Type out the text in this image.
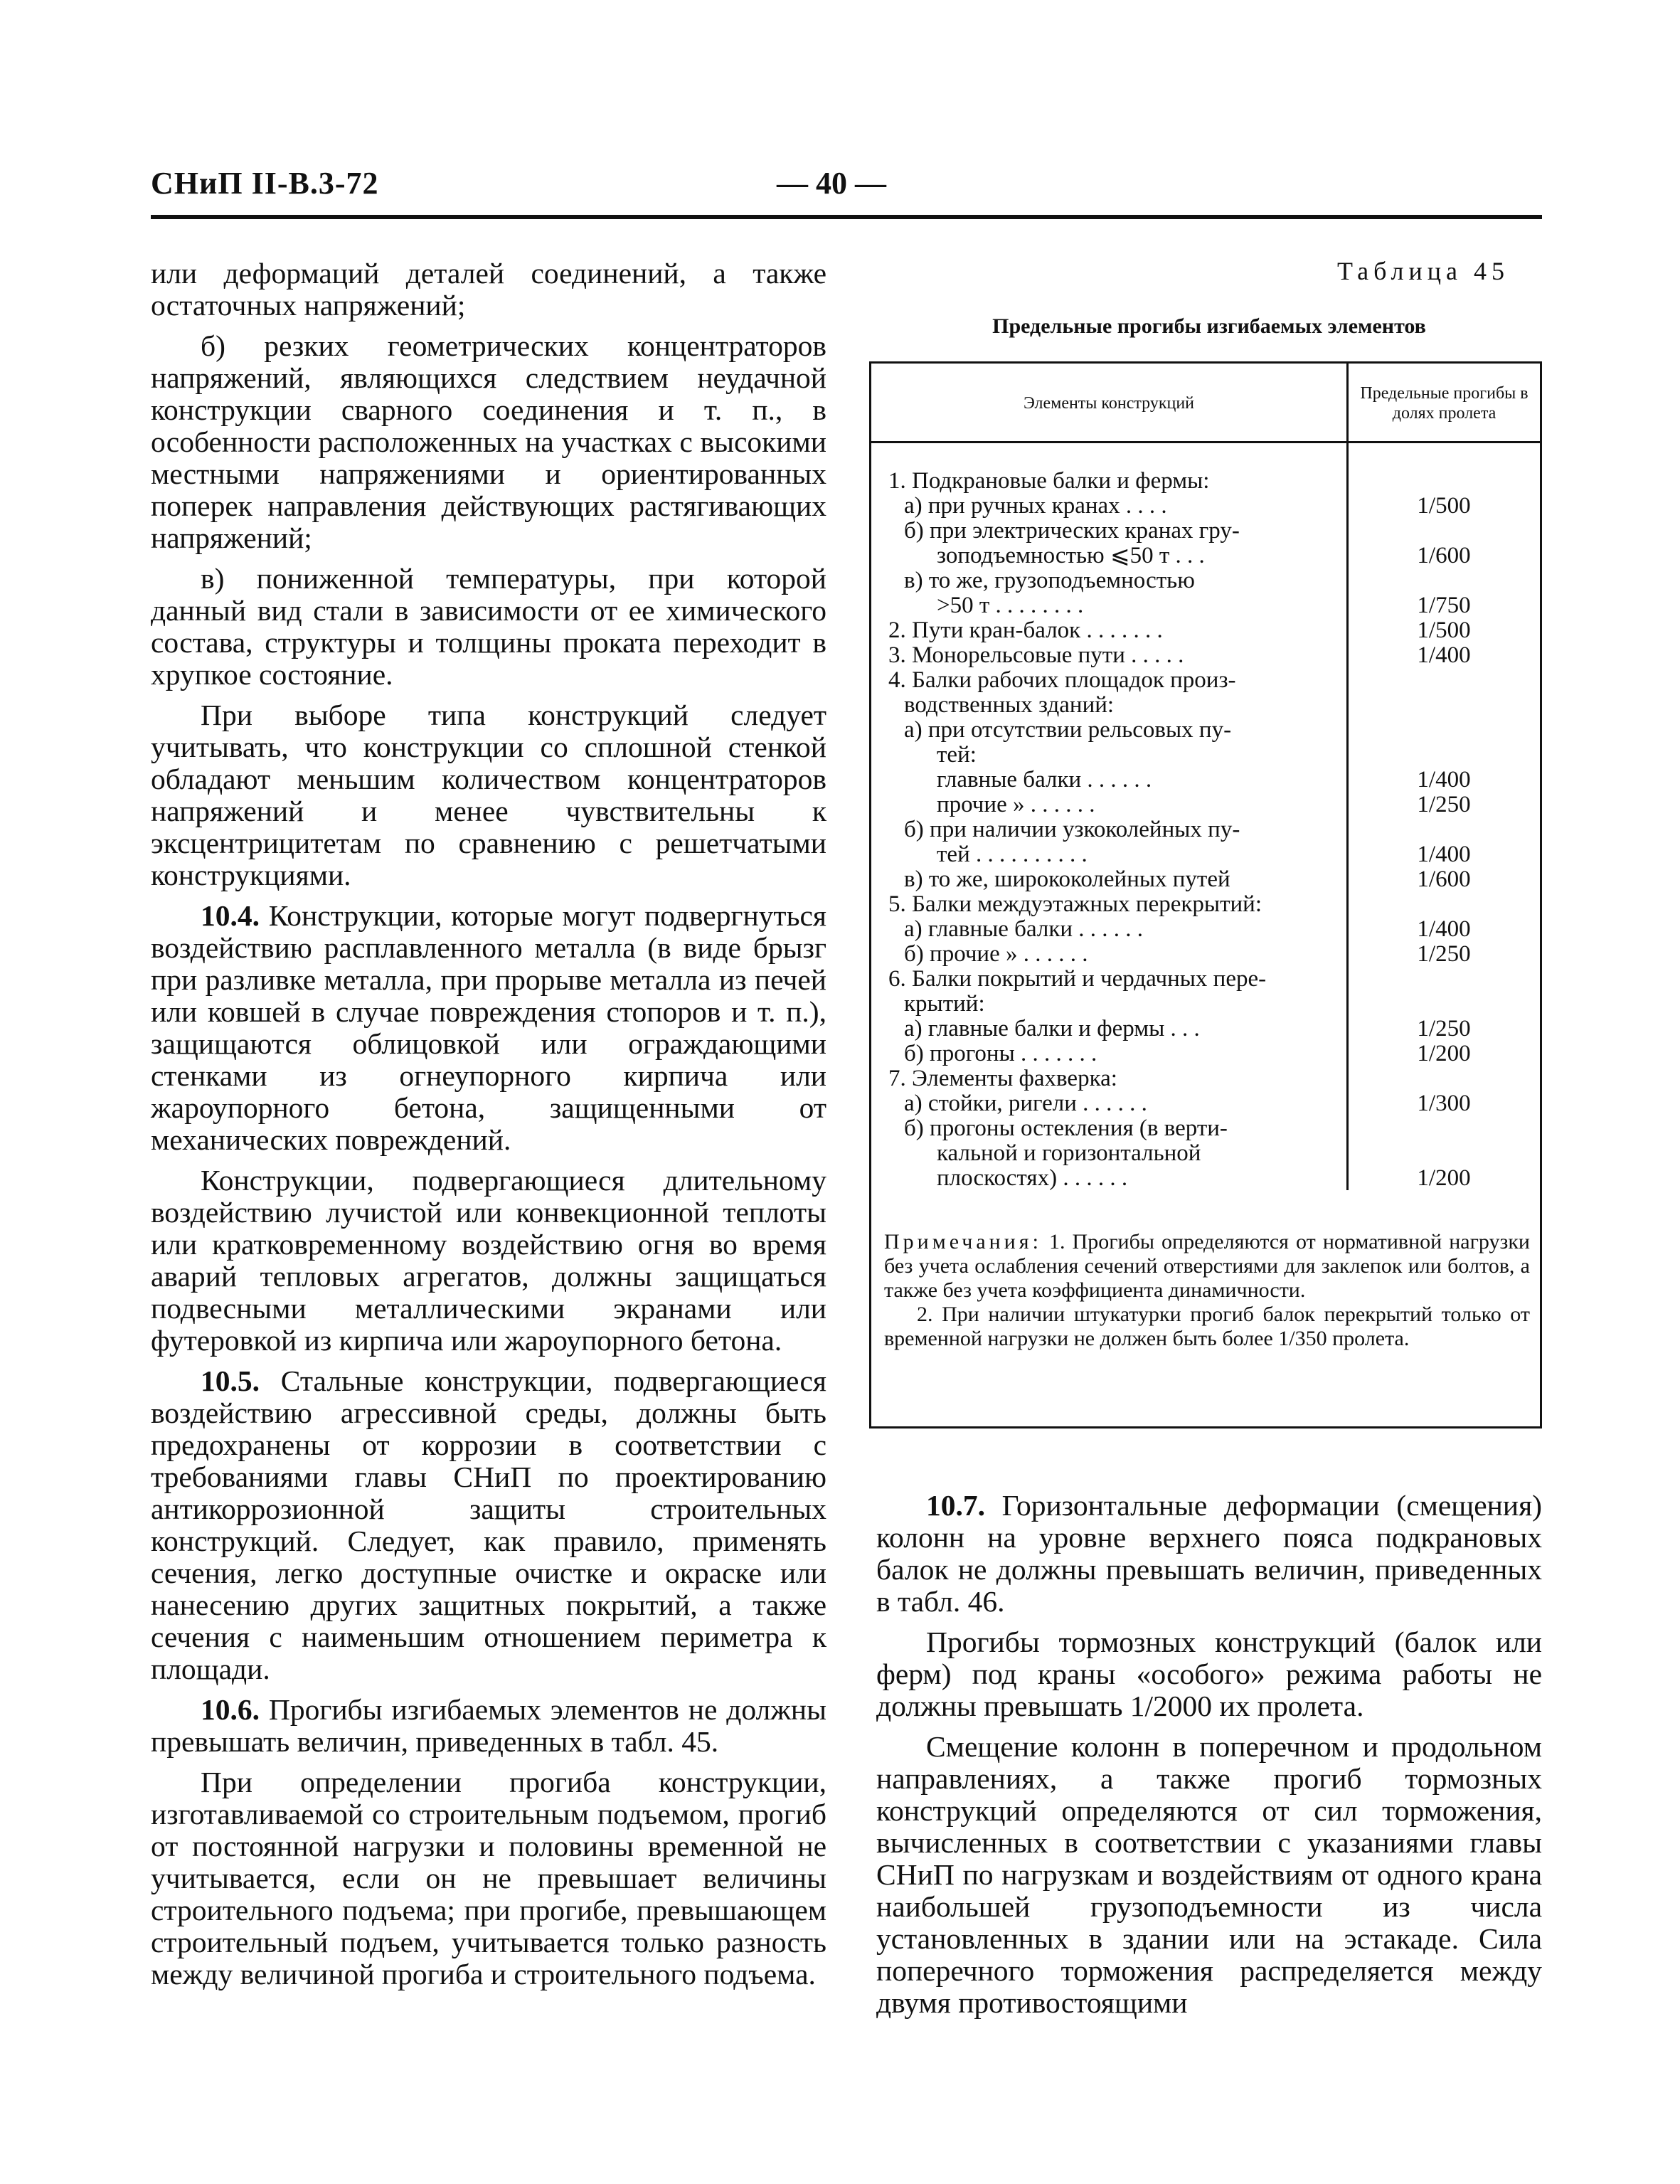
СНиП II-В.3-72	— 40 —

или деформаций деталей соединений, а также остаточных напряжений;

б) резких геометрических концентраторов напряжений, являющихся следствием неудачной конструкции сварного соединения и т. п., в особенности расположенных на участках с высокими местными напряжениями и ориентированных поперек направления действующих растягивающих напряжений;

в) пониженной температуры, при которой данный вид стали в зависимости от ее химического состава, структуры и толщины проката переходит в хрупкое состояние.

При выборе типа конструкций следует учитывать, что конструкции со сплошной стенкой обладают меньшим количеством концентраторов напряжений и менее чувствительны к эксцентрицитетам по сравнению с решетчатыми конструкциями.

10.4. Конструкции, которые могут подвергнуться воздействию расплавленного металла (в виде брызг при разливке металла, при прорыве металла из печей или ковшей в случае повреждения стопоров и т. п.), защищаются облицовкой или ограждающими стенками из огнеупорного кирпича или жароупорного бетона, защищенными от механических повреждений.

Конструкции, подвергающиеся длительному воздействию лучистой или конвекционной теплоты или кратковременному воздействию огня во время аварий тепловых агрегатов, должны защищаться подвесными металлическими экранами или футеровкой из кирпича или жароупорного бетона.

10.5. Стальные конструкции, подвергающиеся воздействию агрессивной среды, должны быть предохранены от коррозии в соответствии с требованиями главы СНиП по проектированию антикоррозионной защиты строительных конструкций. Следует, как правило, применять сечения, легко доступные очистке и окраске или нанесению других защитных покрытий, а также сечения с наименьшим отношением периметра к площади.

10.6. Прогибы изгибаемых элементов не должны превышать величин, приведенных в табл. 45.

При определении прогиба конструкции, изготавливаемой со строительным подъемом, прогиб от постоянной нагрузки и половины временной не учитывается, если он не превышает величины строительного подъема; при прогибе, превышающем строительный подъем, учитывается только разность между величиной прогиба и строительного подъема.

Таблица 45
Предельные прогибы изгибаемых элементов
Элементы конструкций
Предельные прогибы в долях пролета
1. Подкрановые балки и фермы:
а) при ручных кранах . . . .	1/500
б) при электрических кранах гру-
зоподъемностью ⩽50 т . . .	1/600
в) то же, грузоподъемностью
>50 т . . . . . . . .	1/750
2. Пути кран-балок . . . . . . .	1/500
3. Монорельсовые пути . . . . .	1/400
4. Балки рабочих площадок произ-
водственных зданий:
а) при отсутствии рельсовых пу-
тей:
главные балки . . . . . .	1/400
прочие » . . . . . .	1/250
б) при наличии узкоколейных пу-
тей . . . . . . . . . .	1/400
в) то же, ширококолейных путей	1/600
5. Балки междуэтажных перекрытий:
а) главные балки . . . . . .	1/400
б) прочие » . . . . . .	1/250
6. Балки покрытий и чердачных пере-
крытий:
а) главные балки и фермы . . .	1/250
б) прогоны . . . . . . .	1/200
7. Элементы фахверка:
а) стойки, ригели . . . . . .	1/300
б) прогоны остекления (в верти-
кальной и горизонтальной
плоскостях) . . . . . .	1/200

Примечания: 1. Прогибы определяются от нормативной нагрузки без учета ослабления сечений отверстиями для заклепок или болтов, а также без учета коэффициента динамичности.

2. При наличии штукатурки прогиб балок перекрытий только от временной нагрузки не должен быть более 1/350 пролета.

10.7. Горизонтальные деформации (смещения) колонн на уровне верхнего пояса подкрановых балок не должны превышать величин, приведенных в табл. 46.

Прогибы тормозных конструкций (балок или ферм) под краны «особого» режима работы не должны превышать 1/2000 их пролета.

Смещение колонн в поперечном и продольном направлениях, а также прогиб тормозных конструкций определяются от сил торможения, вычисленных в соответствии с указаниями главы СНиП по нагрузкам и воздействиям от одного крана наибольшей грузоподъемности из числа установленных в здании или на эстакаде. Сила поперечного торможения распределяется между двумя противостоящими
